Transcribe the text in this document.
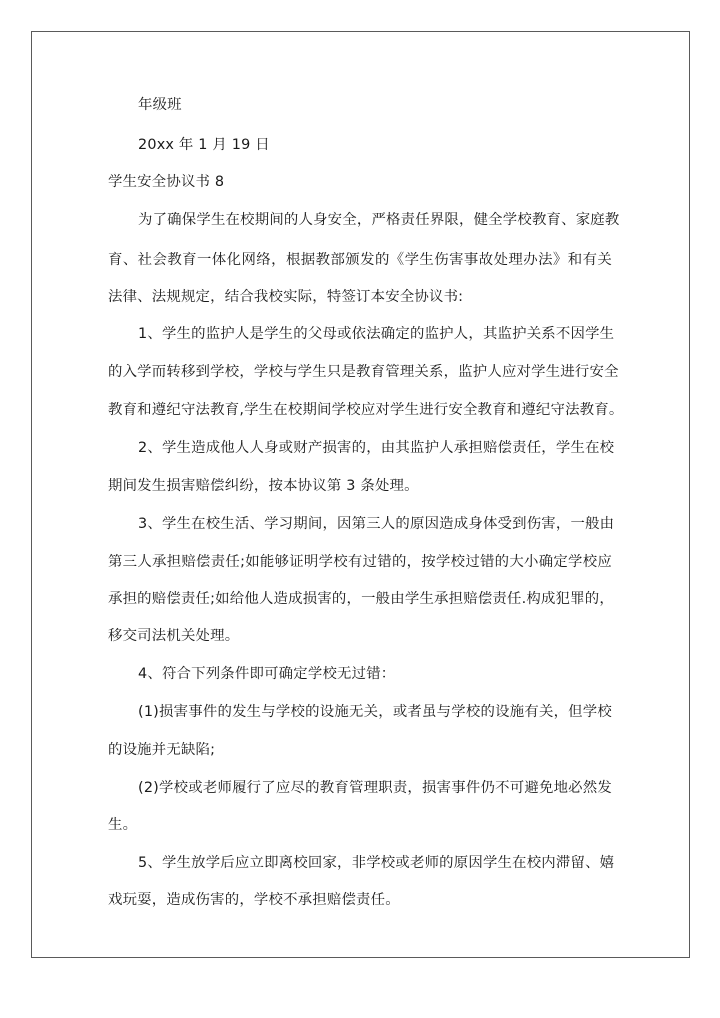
年级班
20xx 年 1 月 19 日
学生安全协议书 8
为了确保学生在校期间的人身安全，严格责任界限，健全学校教育、家庭教
育、社会教育一体化网络，根据教部颁发的《学生伤害事故处理办法》和有关
法律、法规规定，结合我校实际，特签订本安全协议书:
1、学生的监护人是学生的父母或依法确定的监护人，其监护关系不因学生
的入学而转移到学校，学校与学生只是教育管理关系，监护人应对学生进行安全
教育和遵纪守法教育,学生在校期间学校应对学生进行安全教育和遵纪守法教育。
2、学生造成他人人身或财产损害的，由其监护人承担赔偿责任，学生在校
期间发生损害赔偿纠纷，按本协议第 3 条处理。
3、学生在校生活、学习期间，因第三人的原因造成身体受到伤害，一般由
第三人承担赔偿责任;如能够证明学校有过错的，按学校过错的大小确定学校应
承担的赔偿责任;如给他人造成损害的，一般由学生承担赔偿责任.构成犯罪的，
移交司法机关处理。
4、符合下列条件即可确定学校无过错：
(1)损害事件的发生与学校的设施无关，或者虽与学校的设施有关，但学校
的设施并无缺陷;
(2)学校或老师履行了应尽的教育管理职责，损害事件仍不可避免地必然发
生。
5、学生放学后应立即离校回家，非学校或老师的原因学生在校内滞留、嬉
戏玩耍，造成伤害的，学校不承担赔偿责任。
